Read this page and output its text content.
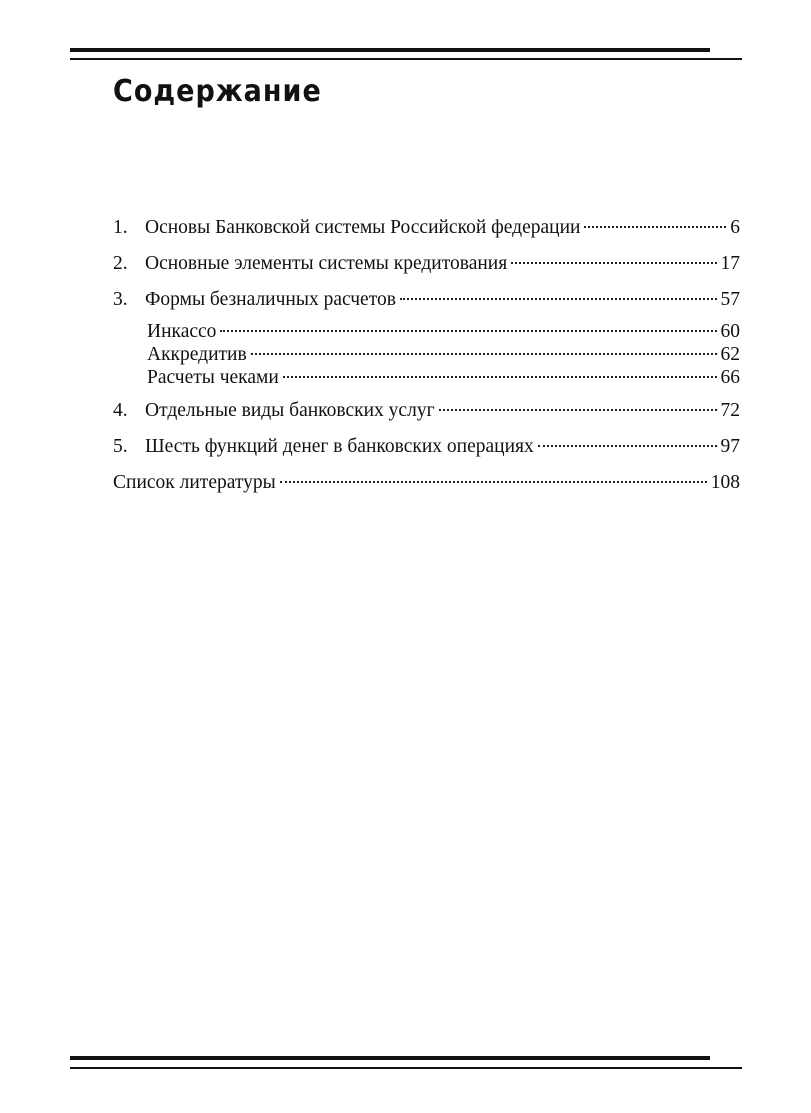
Содержание
1. Основы Банковской системы Российской федерации	6
2. Основные элементы системы кредитования	17
3. Формы безналичных расчетов	57
Инкассо	60
Аккредитив	62
Расчеты чеками	66
4. Отдельные виды банковских услуг	72
5. Шесть функций денег в банковских операциях	97
Список литературы	108
